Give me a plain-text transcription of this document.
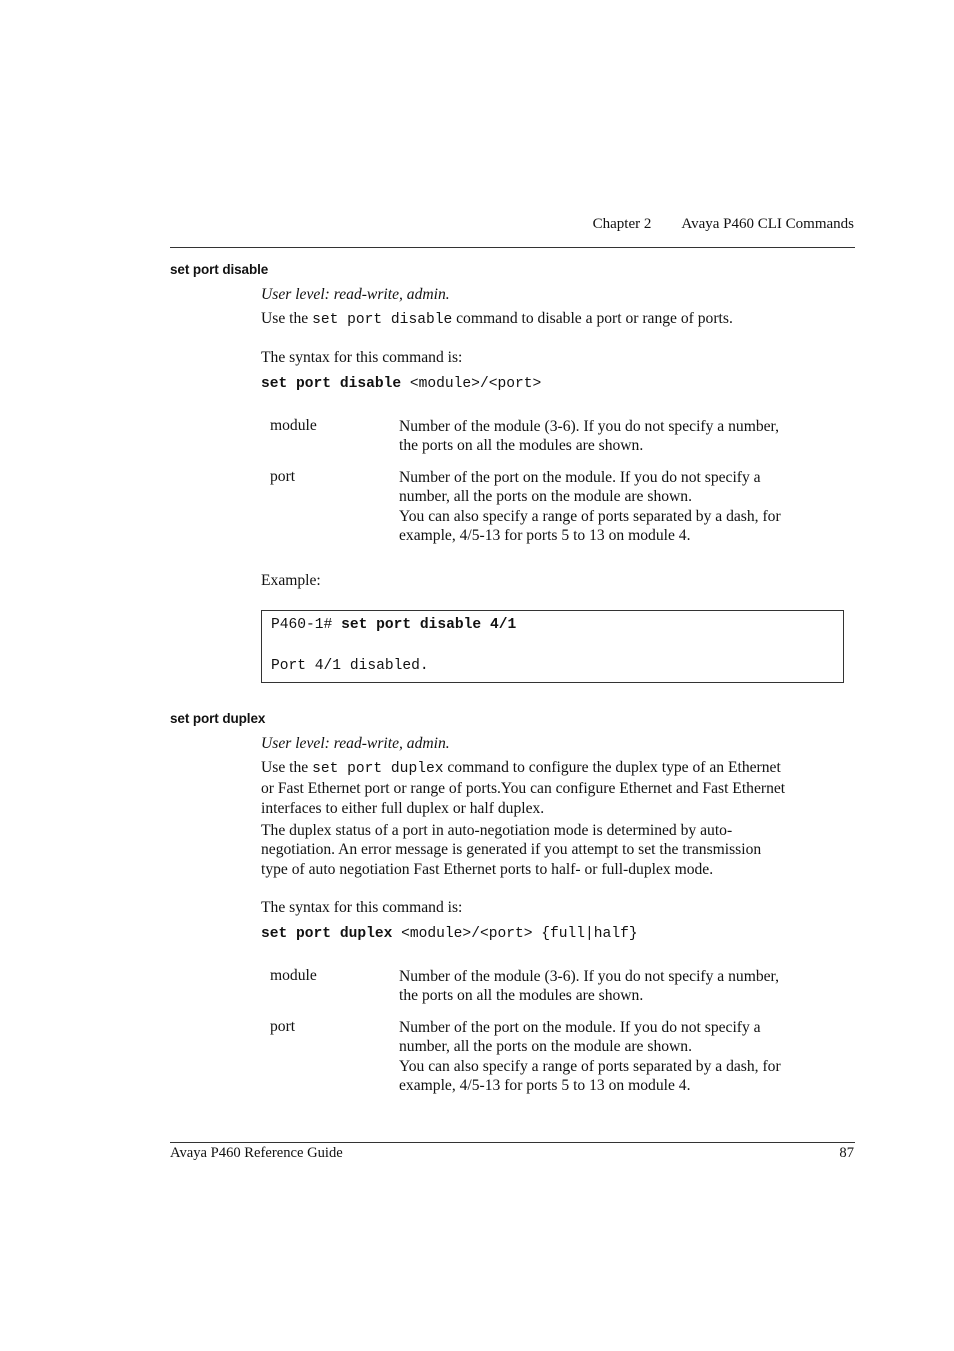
Chapter 2 Avaya P460 CLI Commands
set port disable
User level: read-write, admin.
Use the set port disable command to disable a port or range of ports.
The syntax for this command is:
set port disable <module>/<port>
module	Number of the module (3-6). If you do not specify a number,
the ports on all the modules are shown.
port	Number of the port on the module. If you do not specify a
number, all the ports on the module are shown.
You can also specify a range of ports separated by a dash, for
example, 4/5-13 for ports 5 to 13 on module 4.
Example:
P460-1# set port disable 4/1
Port 4/1 disabled.
set port duplex
User level: read-write, admin.
Use the set port duplex command to configure the duplex type of an Ethernet
or Fast Ethernet port or range of ports.You can configure Ethernet and Fast Ethernet
interfaces to either full duplex or half duplex.
The duplex status of a port in auto-negotiation mode is determined by auto-
negotiation. An error message is generated if you attempt to set the transmission
type of auto negotiation Fast Ethernet ports to half- or full-duplex mode.
The syntax for this command is:
set port duplex <module>/<port> {full|half}
module	Number of the module (3-6). If you do not specify a number,
the ports on all the modules are shown.
port	Number of the port on the module. If you do not specify a
number, all the ports on the module are shown.
You can also specify a range of ports separated by a dash, for
example, 4/5-13 for ports 5 to 13 on module 4.
Avaya P460 Reference Guide	87
